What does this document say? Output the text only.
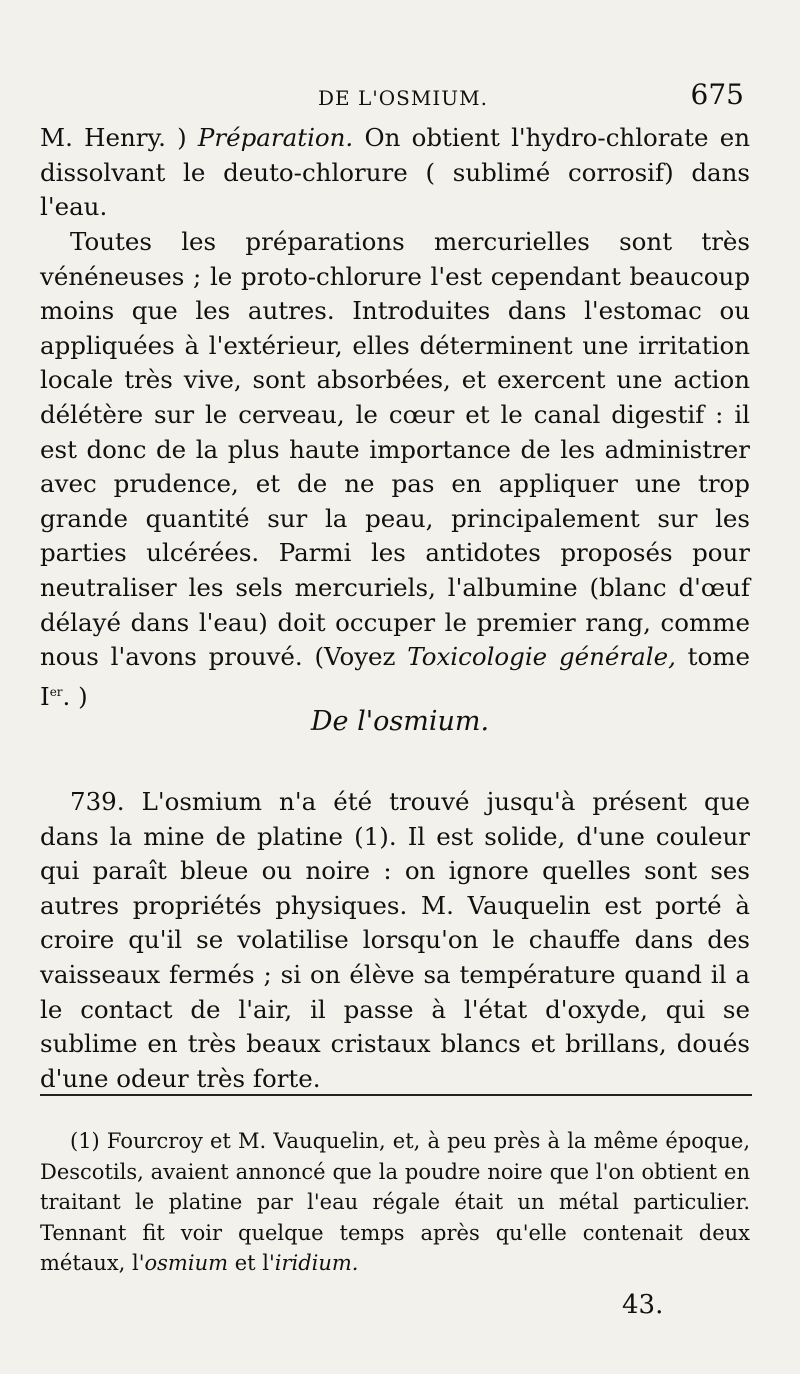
DE L'OSMIUM.	675

M. Henry. ) Préparation. On obtient l'hydro-chlorate en dissolvant le deuto-chlorure ( sublimé corrosif) dans l'eau.

Toutes les préparations mercurielles sont très vénéneuses ; le proto-chlorure l'est cependant beaucoup moins que les autres. Introduites dans l'estomac ou appliquées à l'extérieur, elles déterminent une irritation locale très vive, sont absorbées, et exercent une action délétère sur le cerveau, le cœur et le canal digestif : il est donc de la plus haute importance de les administrer avec prudence, et de ne pas en appliquer une trop grande quantité sur la peau, principalement sur les parties ulcérées. Parmi les antidotes proposés pour neutraliser les sels mercuriels, l'albumine (blanc d'œuf délayé dans l'eau) doit occuper le premier rang, comme nous l'avons prouvé. (Voyez Toxicologie générale, tome Ier. )

De l'osmium.

739. L'osmium n'a été trouvé jusqu'à présent que dans la mine de platine (1). Il est solide, d'une couleur qui paraît bleue ou noire : on ignore quelles sont ses autres propriétés physiques. M. Vauquelin est porté à croire qu'il se volatilise lorsqu'on le chauffe dans des vaisseaux fermés ; si on élève sa température quand il a le contact de l'air, il passe à l'état d'oxyde, qui se sublime en très beaux cristaux blancs et brillans, doués d'une odeur très forte.

(1) Fourcroy et M. Vauquelin, et, à peu près à la même époque, Descotils, avaient annoncé que la poudre noire que l'on obtient en traitant le platine par l'eau régale était un métal particulier. Tennant fit voir quelque temps après qu'elle contenait deux métaux, l'osmium et l'iridium.

43.
